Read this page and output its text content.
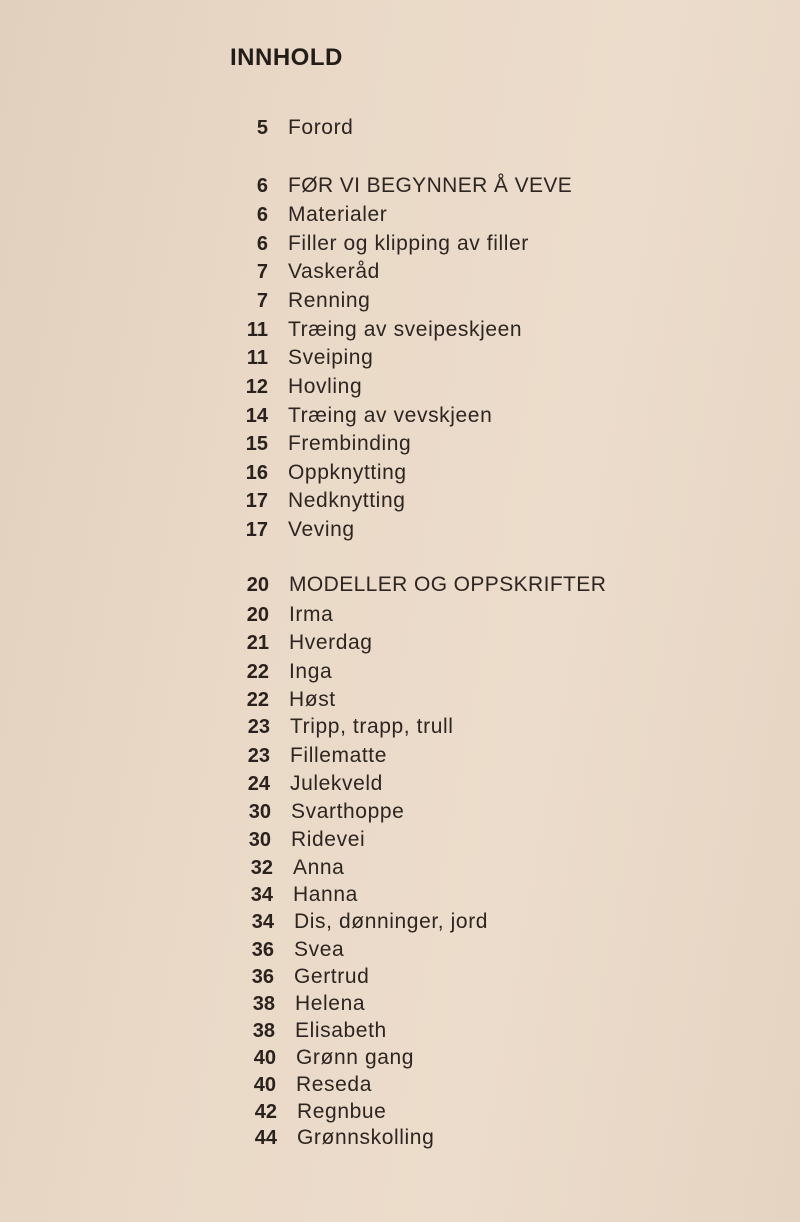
INNHOLD
5 Forord
6 FØR VI BEGYNNER Å VEVE
6 Materialer
6 Filler og klipping av filler
7 Vaskeråd
7 Renning
11 Træing av sveipeskjeen
11 Sveiping
12 Hovling
14 Træing av vevskjeen
15 Frembinding
16 Oppknytting
17 Nedknytting
17 Veving
20 MODELLER OG OPPSKRIFTER
20 Irma
21 Hverdag
22 Inga
22 Høst
23 Tripp, trapp, trull
23 Fillematte
24 Julekveld
30 Svarthoppe
30 Ridevei
32 Anna
34 Hanna
34 Dis, dønninger, jord
36 Svea
36 Gertrud
38 Helena
38 Elisabeth
40 Grønn gang
40 Reseda
42 Regnbue
44 Grønnskolling
